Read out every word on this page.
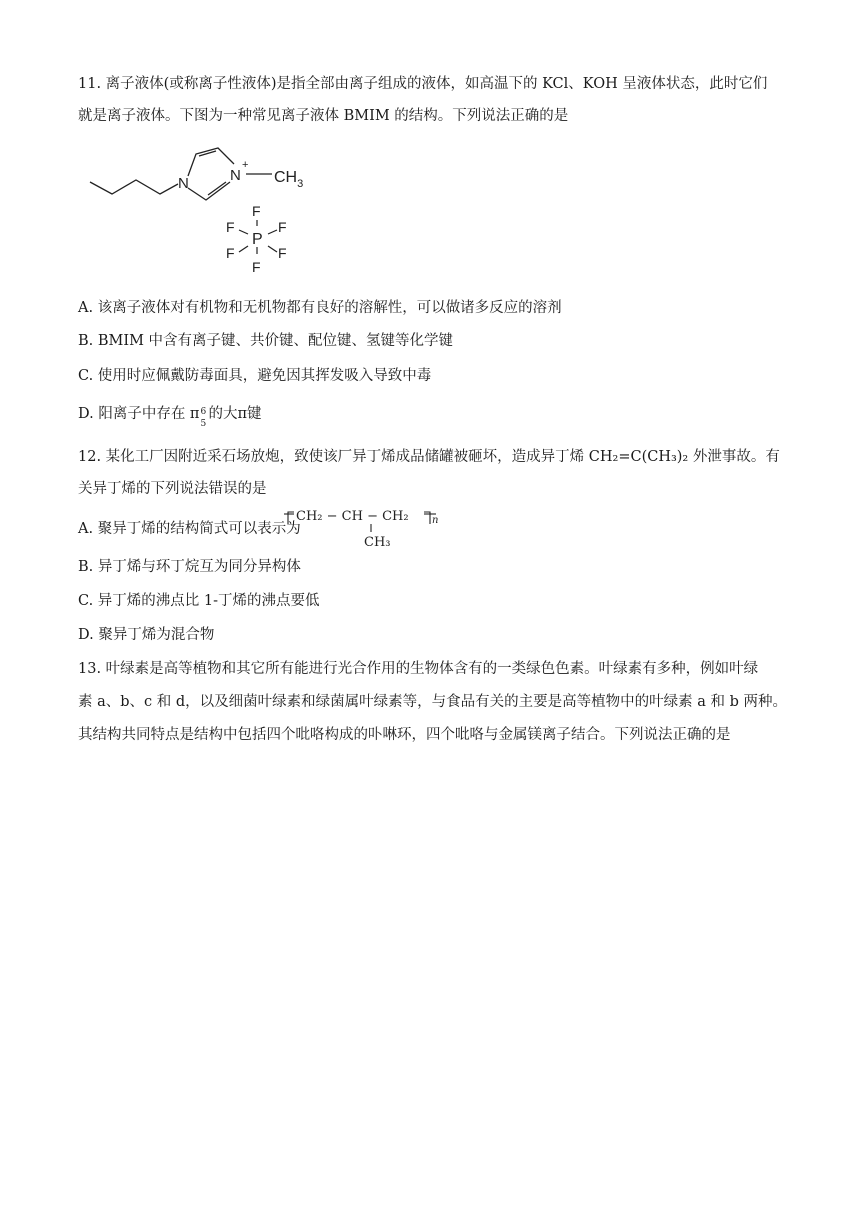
11. 离子液体(或称离子性液体)是指全部由离子组成的液体，如高温下的 KCl、KOH 呈液体状态，此时它们
就是离子液体。下图为一种常见离子液体 BMIM 的结构。下列说法正确的是
N	N
+
$CH_3$
P
F
F
F	F
F	F
A. 该离子液体对有机物和无机物都有良好的溶解性，可以做诸多反应的溶剂
B. BMIM 中含有离子键、共价键、配位键、氢键等化学键
C. 使用时应佩戴防毒面具，避免因其挥发吸入导致中毒
D. 阳离子中存在 π 6
5
的大π键
12. 某化工厂因附近采石场放炮，致使该厂异丁烯成品储罐被砸坏，造成异丁烯 CH₂=C(CH₃)₂ 外泄事故。有
关异丁烯的下列说法错误的是
A. 聚异丁烯的结构简式可以表示为
CH₂ − CH − CH₂ n
CH₃
B. 异丁烯与环丁烷互为同分异构体
C. 异丁烯的沸点比 1-丁烯的沸点要低
D. 聚异丁烯为混合物
13. 叶绿素是高等植物和其它所有能进行光合作用的生物体含有的一类绿色色素。叶绿素有多种，例如叶绿
素 a、b、c 和 d，以及细菌叶绿素和绿菌属叶绿素等，与食品有关的主要是高等植物中的叶绿素 a 和 b 两种。
其结构共同特点是结构中包括四个吡咯构成的卟啉环，四个吡咯与金属镁离子结合。下列说法正确的是
